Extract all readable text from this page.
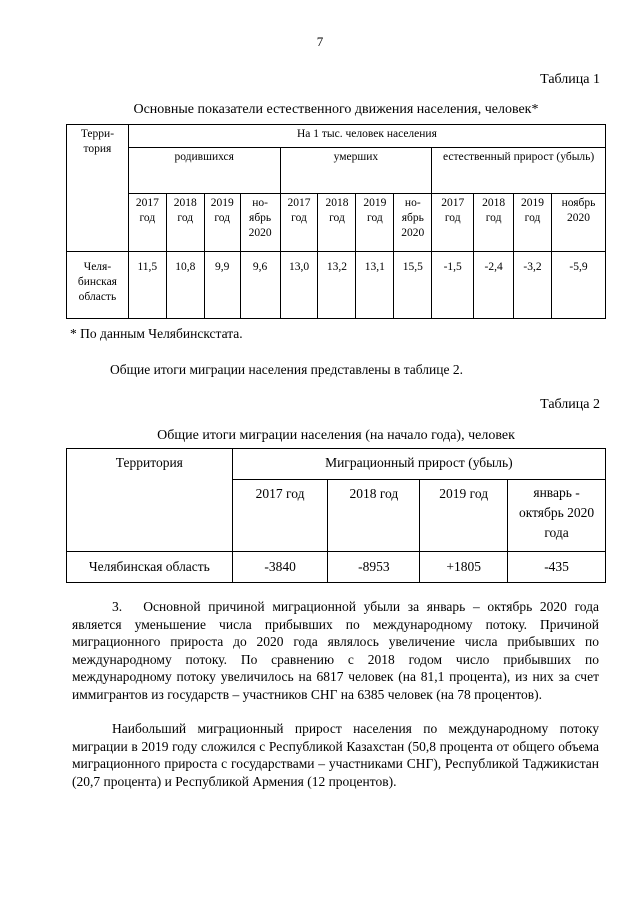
7
Таблица 1
Основные показатели естественного движения населения, человек*
Терри-тория	На 1 тыс. человек населения											
	родившихся				умерших				естественный прирост (убыль)			
	2017 год	2018 год	2019 год	но-ябрь 2020	2017 год	2018 год	2019 год	но-ябрь 2020	2017 год	2018 год	2019 год	ноябрь 2020
Челя-бинская область	11,5	10,8	9,9	9,6	13,0	13,2	13,1	15,5	-1,5	-2,4	-3,2	-5,9
* По данным Челябинскстата.
Общие итоги миграции населения представлены в таблице 2.
Таблица 2
Общие итоги миграции населения (на начало года), человек
Территория	Миграционный прирост (убыль)			
	2017 год	2018 год	2019 год	январь - октябрь 2020 года
Челябинская область	-3840	-8953	+1805	-435

3.  Основной причиной миграционной убыли за январь – октябрь 2020 года является уменьшение числа прибывших по международному потоку. Причиной миграционного прироста до 2020 года являлось увеличение числа прибывших по международному потоку. По сравнению с 2018 годом число прибывших по международному потоку увеличилось на 6817 человек (на 81,1 процента), из них за счет иммигрантов из государств – участников СНГ на 6385 человек (на 78 процентов).

Наибольший миграционный прирост населения по международному потоку миграции в 2019 году сложился с Республикой Казахстан (50,8 процента от общего объема миграционного прироста с государствами – участниками СНГ), Республикой Таджикистан (20,7 процента) и Республикой Армения (12 процентов).
